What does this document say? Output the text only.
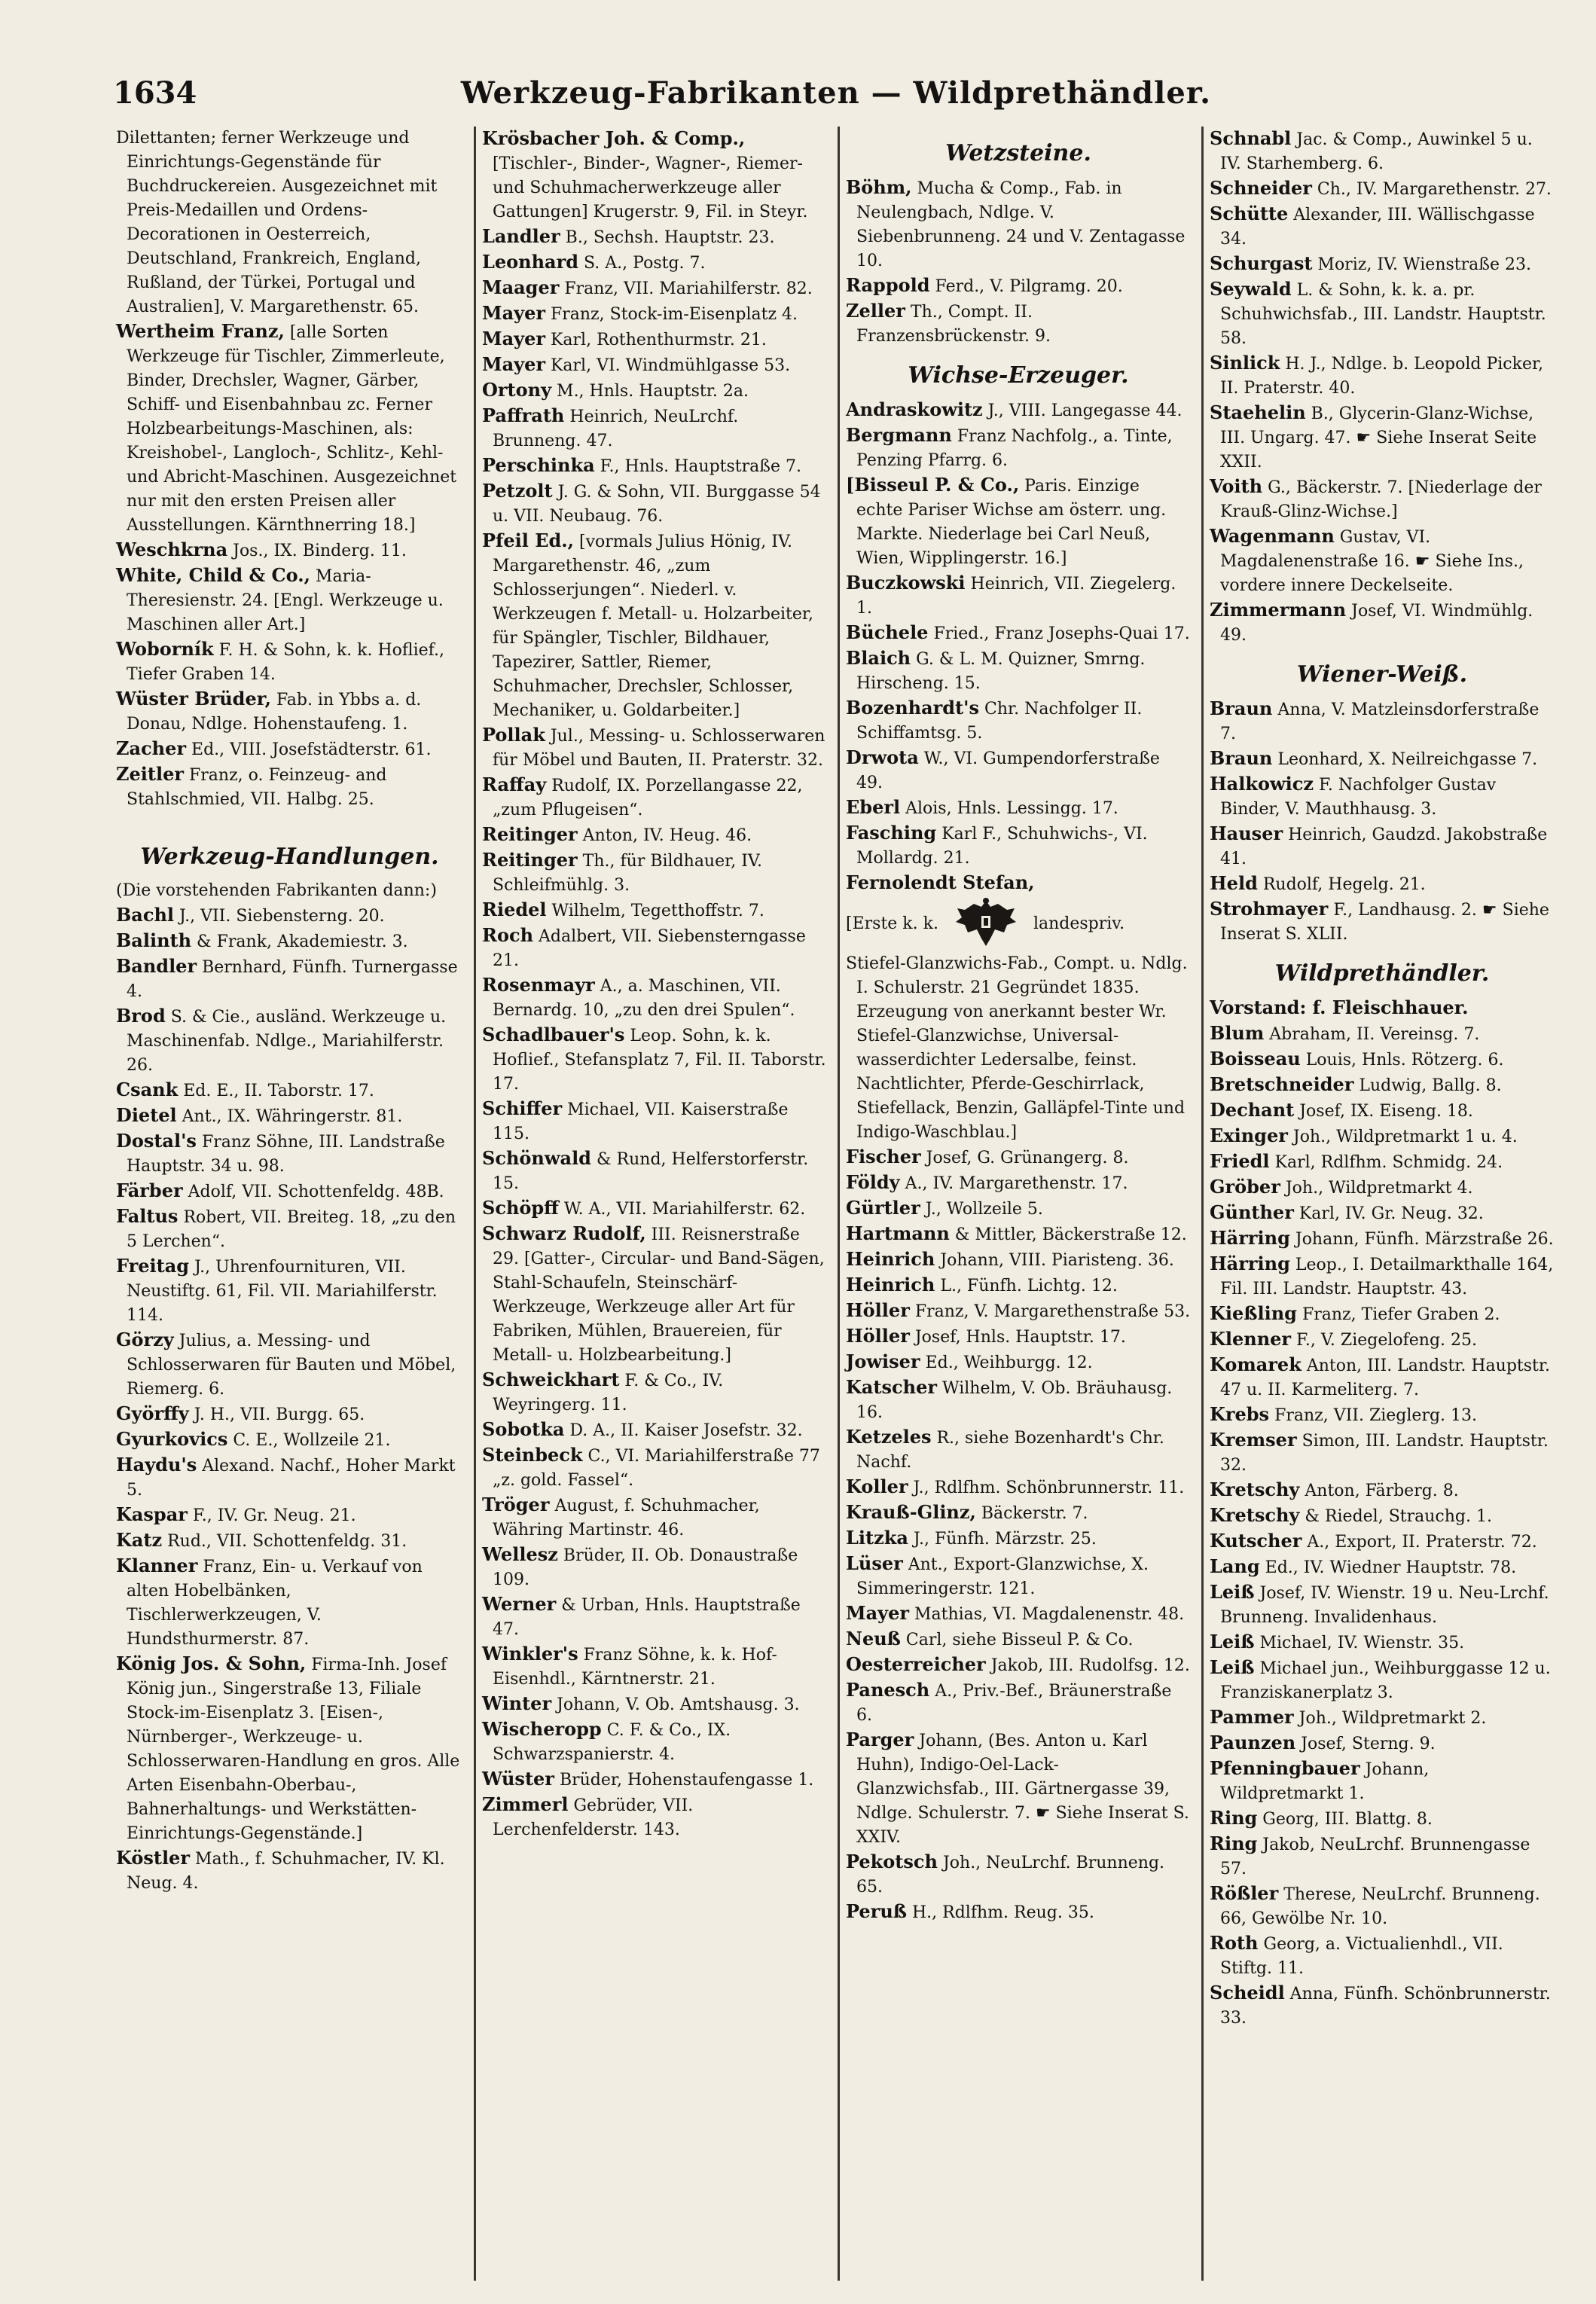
1634	Werkzeug-Fabrikanten — Wildprethändler.

Dilettanten; ferner Werkzeuge und Einrichtungs-Gegenstände für Buchdruckereien. Ausgezeichnet mit Preis-Medaillen und Ordens-Decorationen in Oesterreich, Deutschland, Frankreich, England, Rußland, der Türkei, Portugal und Australien], V. Margarethenstr. 65.

Wertheim Franz, [alle Sorten Werkzeuge für Tischler, Zimmerleute, Binder, Drechsler, Wagner, Gärber, Schiff- und Eisenbahnbau zc. Ferner Holzbearbeitungs-Maschinen, als: Kreishobel-, Langloch-, Schlitz-, Kehl- und Abricht-Maschinen. Ausgezeichnet nur mit den ersten Preisen aller Ausstellungen. Kärnthnerring 18.]

Weschkrna Jos., IX. Binderg. 11.

White, Child & Co., Maria-Theresienstr. 24. [Engl. Werkzeuge u. Maschinen aller Art.]

Woborník F. H. & Sohn, k. k. Hoflief., Tiefer Graben 14.

Wüster Brüder, Fab. in Ybbs a. d. Donau, Ndlge. Hohenstaufeng. 1.

Zacher Ed., VIII. Josefstädterstr. 61.

Zeitler Franz, o. Feinzeug- and Stahlschmied, VII. Halbg. 25.

Werkzeug-Handlungen.

(Die vorstehenden Fabrikanten dann:)

Bachl J., VII. Siebensterng. 20.

Balinth & Frank, Akademiestr. 3.

Bandler Bernhard, Fünfh. Turnergasse 4.

Brod S. & Cie., ausländ. Werkzeuge u. Maschinenfab. Ndlge., Mariahilferstr. 26.

Csank Ed. E., II. Taborstr. 17.

Dietel Ant., IX. Währingerstr. 81.

Dostal's Franz Söhne, III. Landstraße Hauptstr. 34 u. 98.

Färber Adolf, VII. Schottenfeldg. 48B.

Faltus Robert, VII. Breiteg. 18, „zu den 5 Lerchen“.

Freitag J., Uhrenfournituren, VII. Neustiftg. 61, Fil. VII. Mariahilferstr. 114.

Görzy Julius, a. Messing- und Schlosserwaren für Bauten und Möbel, Riemerg. 6.

Györffy J. H., VII. Burgg. 65.

Gyurkovics C. E., Wollzeile 21.

Haydu's Alexand. Nachf., Hoher Markt 5.

Kaspar F., IV. Gr. Neug. 21.

Katz Rud., VII. Schottenfeldg. 31.

Klanner Franz, Ein- u. Verkauf von alten Hobelbänken, Tischlerwerkzeugen, V. Hundsthurmerstr. 87.

König Jos. & Sohn, Firma-Inh. Josef König jun., Singerstraße 13, Filiale Stock-im-Eisenplatz 3. [Eisen-, Nürnberger-, Werkzeuge- u. Schlosserwaren-Handlung en gros. Alle Arten Eisenbahn-Oberbau-, Bahnerhaltungs- und Werkstätten-Einrichtungs-Gegenstände.]

Köstler Math., f. Schuhmacher, IV. Kl. Neug. 4.

Krösbacher Joh. & Comp., [Tischler-, Binder-, Wagner-, Riemer- und Schuhmacherwerkzeuge aller Gattungen] Krugerstr. 9, Fil. in Steyr.

Landler B., Sechsh. Hauptstr. 23.

Leonhard S. A., Postg. 7.

Maager Franz, VII. Mariahilferstr. 82.

Mayer Franz, Stock-im-Eisenplatz 4.

Mayer Karl, Rothenthurmstr. 21.

Mayer Karl, VI. Windmühlgasse 53.

Ortony M., Hnls. Hauptstr. 2a.

Paffrath Heinrich, NeuLrchf. Brunneng. 47.

Perschinka F., Hnls. Hauptstraße 7.

Petzolt J. G. & Sohn, VII. Burggasse 54 u. VII. Neubaug. 76.

Pfeil Ed., [vormals Julius Hönig, IV. Margarethenstr. 46, „zum Schlosserjungen“. Niederl. v. Werkzeugen f. Metall- u. Holzarbeiter, für Spängler, Tischler, Bildhauer, Tapezirer, Sattler, Riemer, Schuhmacher, Drechsler, Schlosser, Mechaniker, u. Goldarbeiter.]

Pollak Jul., Messing- u. Schlosserwaren für Möbel und Bauten, II. Praterstr. 32.

Raffay Rudolf, IX. Porzellangasse 22, „zum Pflugeisen“.

Reitinger Anton, IV. Heug. 46.

Reitinger Th., für Bildhauer, IV. Schleifmühlg. 3.

Riedel Wilhelm, Tegetthoffstr. 7.

Roch Adalbert, VII. Siebensterngasse 21.

Rosenmayr A., a. Maschinen, VII. Bernardg. 10, „zu den drei Spulen“.

Schadlbauer's Leop. Sohn, k. k. Hoflief., Stefansplatz 7, Fil. II. Taborstr. 17.

Schiffer Michael, VII. Kaiserstraße 115.

Schönwald & Rund, Helferstorferstr. 15.

Schöpff W. A., VII. Mariahilferstr. 62.

Schwarz Rudolf, III. Reisnerstraße 29. [Gatter-, Circular- und Band-Sägen, Stahl-Schaufeln, Steinschärf-Werkzeuge, Werkzeuge aller Art für Fabriken, Mühlen, Brauereien, für Metall- u. Holzbearbeitung.]

Schweickhart F. & Co., IV. Weyringerg. 11.

Sobotka D. A., II. Kaiser Josefstr. 32.

Steinbeck C., VI. Mariahilferstraße 77 „z. gold. Fassel“.

Tröger August, f. Schuhmacher, Währing Martinstr. 46.

Wellesz Brüder, II. Ob. Donaustraße 109.

Werner & Urban, Hnls. Hauptstraße 47.

Winkler's Franz Söhne, k. k. Hof-Eisenhdl., Kärntnerstr. 21.

Winter Johann, V. Ob. Amtshausg. 3.

Wischeropp C. F. & Co., IX. Schwarzspanierstr. 4.

Wüster Brüder, Hohenstaufengasse 1.

Zimmerl Gebrüder, VII. Lerchenfelderstr. 143.

Wetzsteine.

Böhm, Mucha & Comp., Fab. in Neulengbach, Ndlge. V. Siebenbrunneng. 24 und V. Zentagasse 10.

Rappold Ferd., V. Pilgramg. 20.

Zeller Th., Compt. II. Franzensbrückenstr. 9.

Wichse-Erzeuger.

Andraskowitz J., VIII. Langegasse 44.

Bergmann Franz Nachfolg., a. Tinte, Penzing Pfarrg. 6.

[Bisseul P. & Co., Paris. Einzige echte Pariser Wichse am österr. ung. Markte. Niederlage bei Carl Neuß, Wien, Wipplingerstr. 16.]

Buczkowski Heinrich, VII. Ziegelerg. 1.

Büchele Fried., Franz Josephs-Quai 17.

Blaich G. & L. M. Quizner, Smrng. Hirscheng. 15.

Bozenhardt's Chr. Nachfolger II. Schiffamtsg. 5.

Drwota W., VI. Gumpendorferstraße 49.

Eberl Alois, Hnls. Lessingg. 17.

Fasching Karl F., Schuhwichs-, VI. Mollardg. 21.

Fernolendt Stefan,

[Erste k. k.	landespriv.

Stiefel-Glanzwichs-Fab., Compt. u. Ndlg. I. Schulerstr. 21 Gegründet 1835. Erzeugung von anerkannt bester Wr. Stiefel-Glanzwichse, Universal-wasserdichter Ledersalbe, feinst. Nachtlichter, Pferde-Geschirrlack, Stiefellack, Benzin, Galläpfel-Tinte und Indigo-Waschblau.]

Fischer Josef, G. Grünangerg. 8.

Földy A., IV. Margarethenstr. 17.

Gürtler J., Wollzeile 5.

Hartmann & Mittler, Bäckerstraße 12.

Heinrich Johann, VIII. Piaristeng. 36.

Heinrich L., Fünfh. Lichtg. 12.

Höller Franz, V. Margarethenstraße 53.

Höller Josef, Hnls. Hauptstr. 17.

Jowiser Ed., Weihburgg. 12.

Katscher Wilhelm, V. Ob. Bräuhausg. 16.

Ketzeles R., siehe Bozenhardt's Chr. Nachf.

Koller J., Rdlfhm. Schönbrunnerstr. 11.

Krauß-Glinz, Bäckerstr. 7.

Litzka J., Fünfh. Märzstr. 25.

Lüser Ant., Export-Glanzwichse, X. Simmeringerstr. 121.

Mayer Mathias, VI. Magdalenenstr. 48.

Neuß Carl, siehe Bisseul P. & Co.

Oesterreicher Jakob, III. Rudolfsg. 12.

Panesch A., Priv.-Bef., Bräunerstraße 6.

Parger Johann, (Bes. Anton u. Karl Huhn), Indigo-Oel-Lack-Glanzwichsfab., III. Gärtnergasse 39, Ndlge. Schulerstr. 7. ☛ Siehe Inserat S. XXIV.

Pekotsch Joh., NeuLrchf. Brunneng. 65.

Peruß H., Rdlfhm. Reug. 35.

Schnabl Jac. & Comp., Auwinkel 5 u. IV. Starhemberg. 6.

Schneider Ch., IV. Margarethenstr. 27.

Schütte Alexander, III. Wällischgasse 34.

Schurgast Moriz, IV. Wienstraße 23.

Seywald L. & Sohn, k. k. a. pr. Schuhwichsfab., III. Landstr. Hauptstr. 58.

Sinlick H. J., Ndlge. b. Leopold Picker, II. Praterstr. 40.

Staehelin B., Glycerin-Glanz-Wichse, III. Ungarg. 47. ☛ Siehe Inserat Seite XXII.

Voith G., Bäckerstr. 7. [Niederlage der Krauß-Glinz-Wichse.]

Wagenmann Gustav, VI. Magdalenenstraße 16. ☛ Siehe Ins., vordere innere Deckelseite.

Zimmermann Josef, VI. Windmühlg. 49.

Wiener-Weiß.

Braun Anna, V. Matzleinsdorferstraße 7.

Braun Leonhard, X. Neilreichgasse 7.

Halkowicz F. Nachfolger Gustav Binder, V. Mauthhausg. 3.

Hauser Heinrich, Gaudzd. Jakobstraße 41.

Held Rudolf, Hegelg. 21.

Strohmayer F., Landhausg. 2. ☛ Siehe Inserat S. XLII.

Wildprethändler.

Vorstand: f. Fleischhauer.

Blum Abraham, II. Vereinsg. 7.

Boisseau Louis, Hnls. Rötzerg. 6.

Bretschneider Ludwig, Ballg. 8.

Dechant Josef, IX. Eiseng. 18.

Exinger Joh., Wildpretmarkt 1 u. 4.

Friedl Karl, Rdlfhm. Schmidg. 24.

Gröber Joh., Wildpretmarkt 4.

Günther Karl, IV. Gr. Neug. 32.

Härring Johann, Fünfh. Märzstraße 26.

Härring Leop., I. Detailmarkthalle 164, Fil. III. Landstr. Hauptstr. 43.

Kießling Franz, Tiefer Graben 2.

Klenner F., V. Ziegelofeng. 25.

Komarek Anton, III. Landstr. Hauptstr. 47 u. II. Karmeliterg. 7.

Krebs Franz, VII. Zieglerg. 13.

Kremser Simon, III. Landstr. Hauptstr. 32.

Kretschy Anton, Färberg. 8.

Kretschy & Riedel, Strauchg. 1.

Kutscher A., Export, II. Praterstr. 72.

Lang Ed., IV. Wiedner Hauptstr. 78.

Leiß Josef, IV. Wienstr. 19 u. Neu-Lrchf. Brunneng. Invalidenhaus.

Leiß Michael, IV. Wienstr. 35.

Leiß Michael jun., Weihburggasse 12 u. Franziskanerplatz 3.

Pammer Joh., Wildpretmarkt 2.

Paunzen Josef, Sterng. 9.

Pfenningbauer Johann, Wildpretmarkt 1.

Ring Georg, III. Blattg. 8.

Ring Jakob, NeuLrchf. Brunnengasse 57.

Rößler Therese, NeuLrchf. Brunneng. 66, Gewölbe Nr. 10.

Roth Georg, a. Victualienhdl., VII. Stiftg. 11.

Scheidl Anna, Fünfh. Schönbrunnerstr. 33.
